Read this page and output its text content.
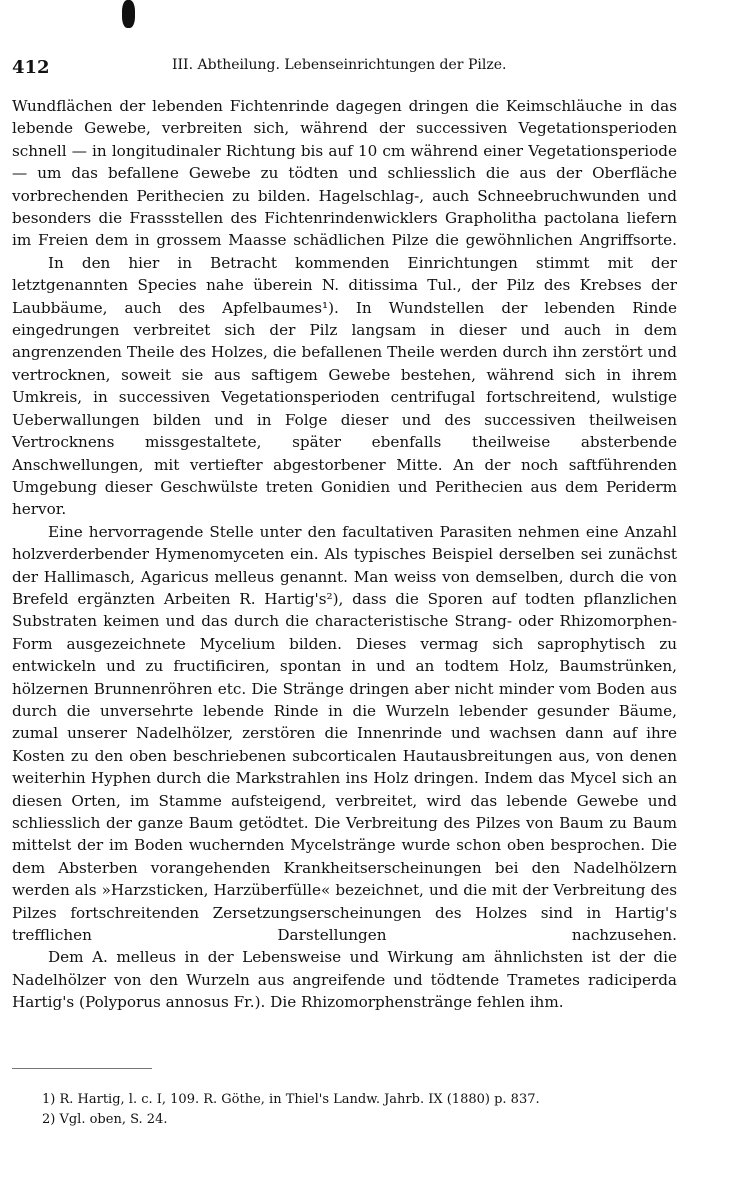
412	III. Abtheilung. Lebenseinrichtungen der Pilze.

Wundflächen der lebenden Fichtenrinde dagegen dringen die Keimschläuche in das lebende Gewebe, verbreiten sich, während der successiven Vegetationsperioden schnell — in longitudinaler Richtung bis auf 10 cm während einer Vegetationsperiode — um das befallene Gewebe zu tödten und schliesslich die aus der Oberfläche vorbrechenden Perithecien zu bilden. Hagelschlag-, auch Schneebruchwunden und besonders die Frassstellen des Fichtenrindenwicklers Grapholitha pactolana liefern im Freien dem in grossem Maasse schädlichen Pilze die gewöhnlichen Angriffsorte.

In den hier in Betracht kommenden Einrichtungen stimmt mit der letztgenannten Species nahe überein N. ditissima Tul., der Pilz des Krebses der Laubbäume, auch des Apfelbaumes¹). In Wundstellen der lebenden Rinde eingedrungen verbreitet sich der Pilz langsam in dieser und auch in dem angrenzenden Theile des Holzes, die befallenen Theile werden durch ihn zerstört und vertrocknen, soweit sie aus saftigem Gewebe bestehen, während sich in ihrem Umkreis, in successiven Vegetationsperioden centrifugal fortschreitend, wulstige Ueberwallungen bilden und in Folge dieser und des successiven theilweisen Vertrocknens missgestaltete, später ebenfalls theilweise absterbende Anschwellungen, mit vertiefter abgestorbener Mitte. An der noch saftführenden Umgebung dieser Geschwülste treten Gonidien und Perithecien aus dem Periderm hervor.

Eine hervorragende Stelle unter den facultativen Parasiten nehmen eine Anzahl holzverderbender Hymenomyceten ein. Als typisches Beispiel derselben sei zunächst der Hallimasch, Agaricus melleus genannt. Man weiss von demselben, durch die von Brefeld ergänzten Arbeiten R. Hartig's²), dass die Sporen auf todten pflanzlichen Substraten keimen und das durch die characteristische Strang- oder Rhizomorphen-Form ausgezeichnete Mycelium bilden. Dieses vermag sich saprophytisch zu entwickeln und zu fructificiren, spontan in und an todtem Holz, Baumstrünken, hölzernen Brunnenröhren etc. Die Stränge dringen aber nicht minder vom Boden aus durch die unversehrte lebende Rinde in die Wurzeln lebender gesunder Bäume, zumal unserer Nadelhölzer, zerstören die Innenrinde und wachsen dann auf ihre Kosten zu den oben beschriebenen subcorticalen Hautausbreitungen aus, von denen weiterhin Hyphen durch die Markstrahlen ins Holz dringen. Indem das Mycel sich an diesen Orten, im Stamme aufsteigend, verbreitet, wird das lebende Gewebe und schliesslich der ganze Baum getödtet. Die Verbreitung des Pilzes von Baum zu Baum mittelst der im Boden wuchernden Mycelstränge wurde schon oben besprochen. Die dem Absterben vorangehenden Krankheitserscheinungen bei den Nadelhölzern werden als »Harzsticken, Harzüberfülle« bezeichnet, und die mit der Verbreitung des Pilzes fortschreitenden Zersetzungserscheinungen des Holzes sind in Hartig's trefflichen Darstellungen nachzusehen.

Dem A. melleus in der Lebensweise und Wirkung am ähnlichsten ist der die Nadelhölzer von den Wurzeln aus angreifende und tödtende Trametes radiciperda Hartig's (Polyporus annosus Fr.). Die Rhizomorphenstränge fehlen ihm.

1) R. Hartig, l. c. I, 109. R. Göthe, in Thiel's Landw. Jahrb. IX (1880) p. 837.
2) Vgl. oben, S. 24.
